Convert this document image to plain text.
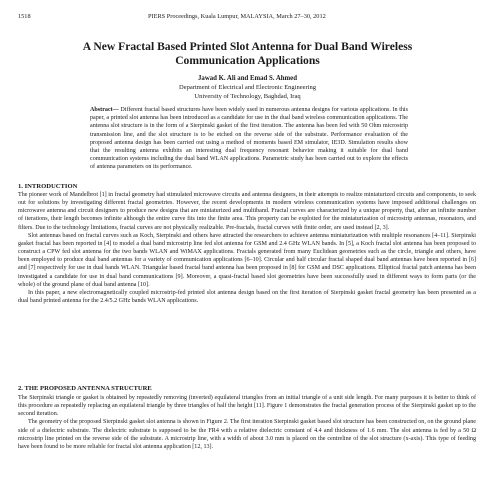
1518	PIERS Proceedings, Kuala Lumpur, MALAYSIA, March 27–30, 2012
A New Fractal Based Printed Slot Antenna for Dual Band Wireless
Communication Applications
Jawad K. Ali and Emad S. Ahmed
Department of Electrical and Electronic Engineering
University of Technology, Baghdad, Iraq
Abstract— Different fractal based structures have been widely used in numerous antenna designs for various applications. In this paper, a printed slot antenna has been introduced as a candidate for use in the dual band wireless communication applications. The antenna slot structure is in the form of a Sierpinski gasket of the first iteration. The antenna has been fed with 50 Ohm microstrip transmission line, and the slot structure is to be etched on the reverse side of the substrate. Performance evaluation of the proposed antenna design has been carried out using a method of moments based EM simulator, IE3D. Simulation results show that the resulting antenna exhibits an interesting dual frequency resonant behavior making it suitable for dual band communication systems including the dual band WLAN applications. Parametric study has been carried out to explore the effects of antenna parameters on its performance.
1. INTRODUCTION

The pioneer work of Mandelbrot [1] in fractal geometry had stimulated microwave circuits and antenna designers, in their attempts to realize miniaturized circuits and components, to seek out for solutions by investigating different fractal geometries. However, the recent developments in modern wireless communication systems have imposed additional challenges on microwave antenna and circuit designers to produce new designs that are miniaturized and multiband. Fractal curves are characterized by a unique property, that, after an infinite number of iterations, their length becomes infinite although the entire curve fits into the finite area. This property can be exploited for the miniaturization of microstrip antennas, resonators, and filters. Due to the technology limitations, fractal curves are not physically realizable. Pre-fractals, fractal curves with finite order, are used instead [2, 3].

Slot antennas based on fractal curves such as Koch, Sierpinski and others have attracted the researchers to achieve antenna miniaturization with multiple resonances [4–11]. Sierpinski gasket fractal has been reported in [4] to model a dual band microstrip line fed slot antenna for GSM and 2.4 GHz WLAN bands. In [5], a Koch fractal slot antenna has been proposed to construct a CPW fed slot antenna for the two bands WLAN and WiMAX applications. Fractals generated from many Euclidean geometries such as the circle, triangle and others, have been employed to produce dual band antennas for a variety of communication applications [6–10]. Circular and half circular fractal shaped dual band antennas have been reported in [6] and [7] respectively for use in dual bands WLAN. Triangular based fractal band antenna has been proposed in [8] for GSM and DSC applications. Elliptical fractal patch antenna has been investigated a candidate for use in dual band communications [9]. Moreover, a quasi-fractal based slot geometries have been successfully used in different ways to form parts (or the whole) of the ground plane of dual band antenna [10].

In this paper, a new electromagnetically coupled microstrip-fed printed slot antenna design based on the first iteration of Sierpinski gasket fractal geometry has been presented as a dual band printed antenna for the 2.4/5.2 GHz bands WLAN applications.

2. THE PROPOSED ANTENNA STRUCTURE

The Sierpinski triangle or gasket is obtained by repeatedly removing (inverted) equilateral triangles from an initial triangle of a unit side length. For many purposes it is better to think of this procedure as repeatedly replacing an equilateral triangle by three triangles of half the height [11]. Figure 1 demonstrates the fractal generation process of the Sierpinski gasket up to the second iteration.

The geometry of the proposed Sierpinski gasket slot antenna is shown in Figure 2. The first iteration Sierpinski gasket based slot structure has been constructed on, on the ground plane side of a dielectric substrate. The dielectric substrate is supposed to be the FR4 with a relative dielectric constant of 4.4 and thickness of 1.6 mm. The slot antenna is fed by a 50 Ω microstrip line printed on the reverse side of the substrate. A microstrip line, with a width of about 3.0 mm is placed on the centreline of the slot structure (x-axis). This type of feeding have been found to be more reliable for fractal slot antenna application [12, 13].
